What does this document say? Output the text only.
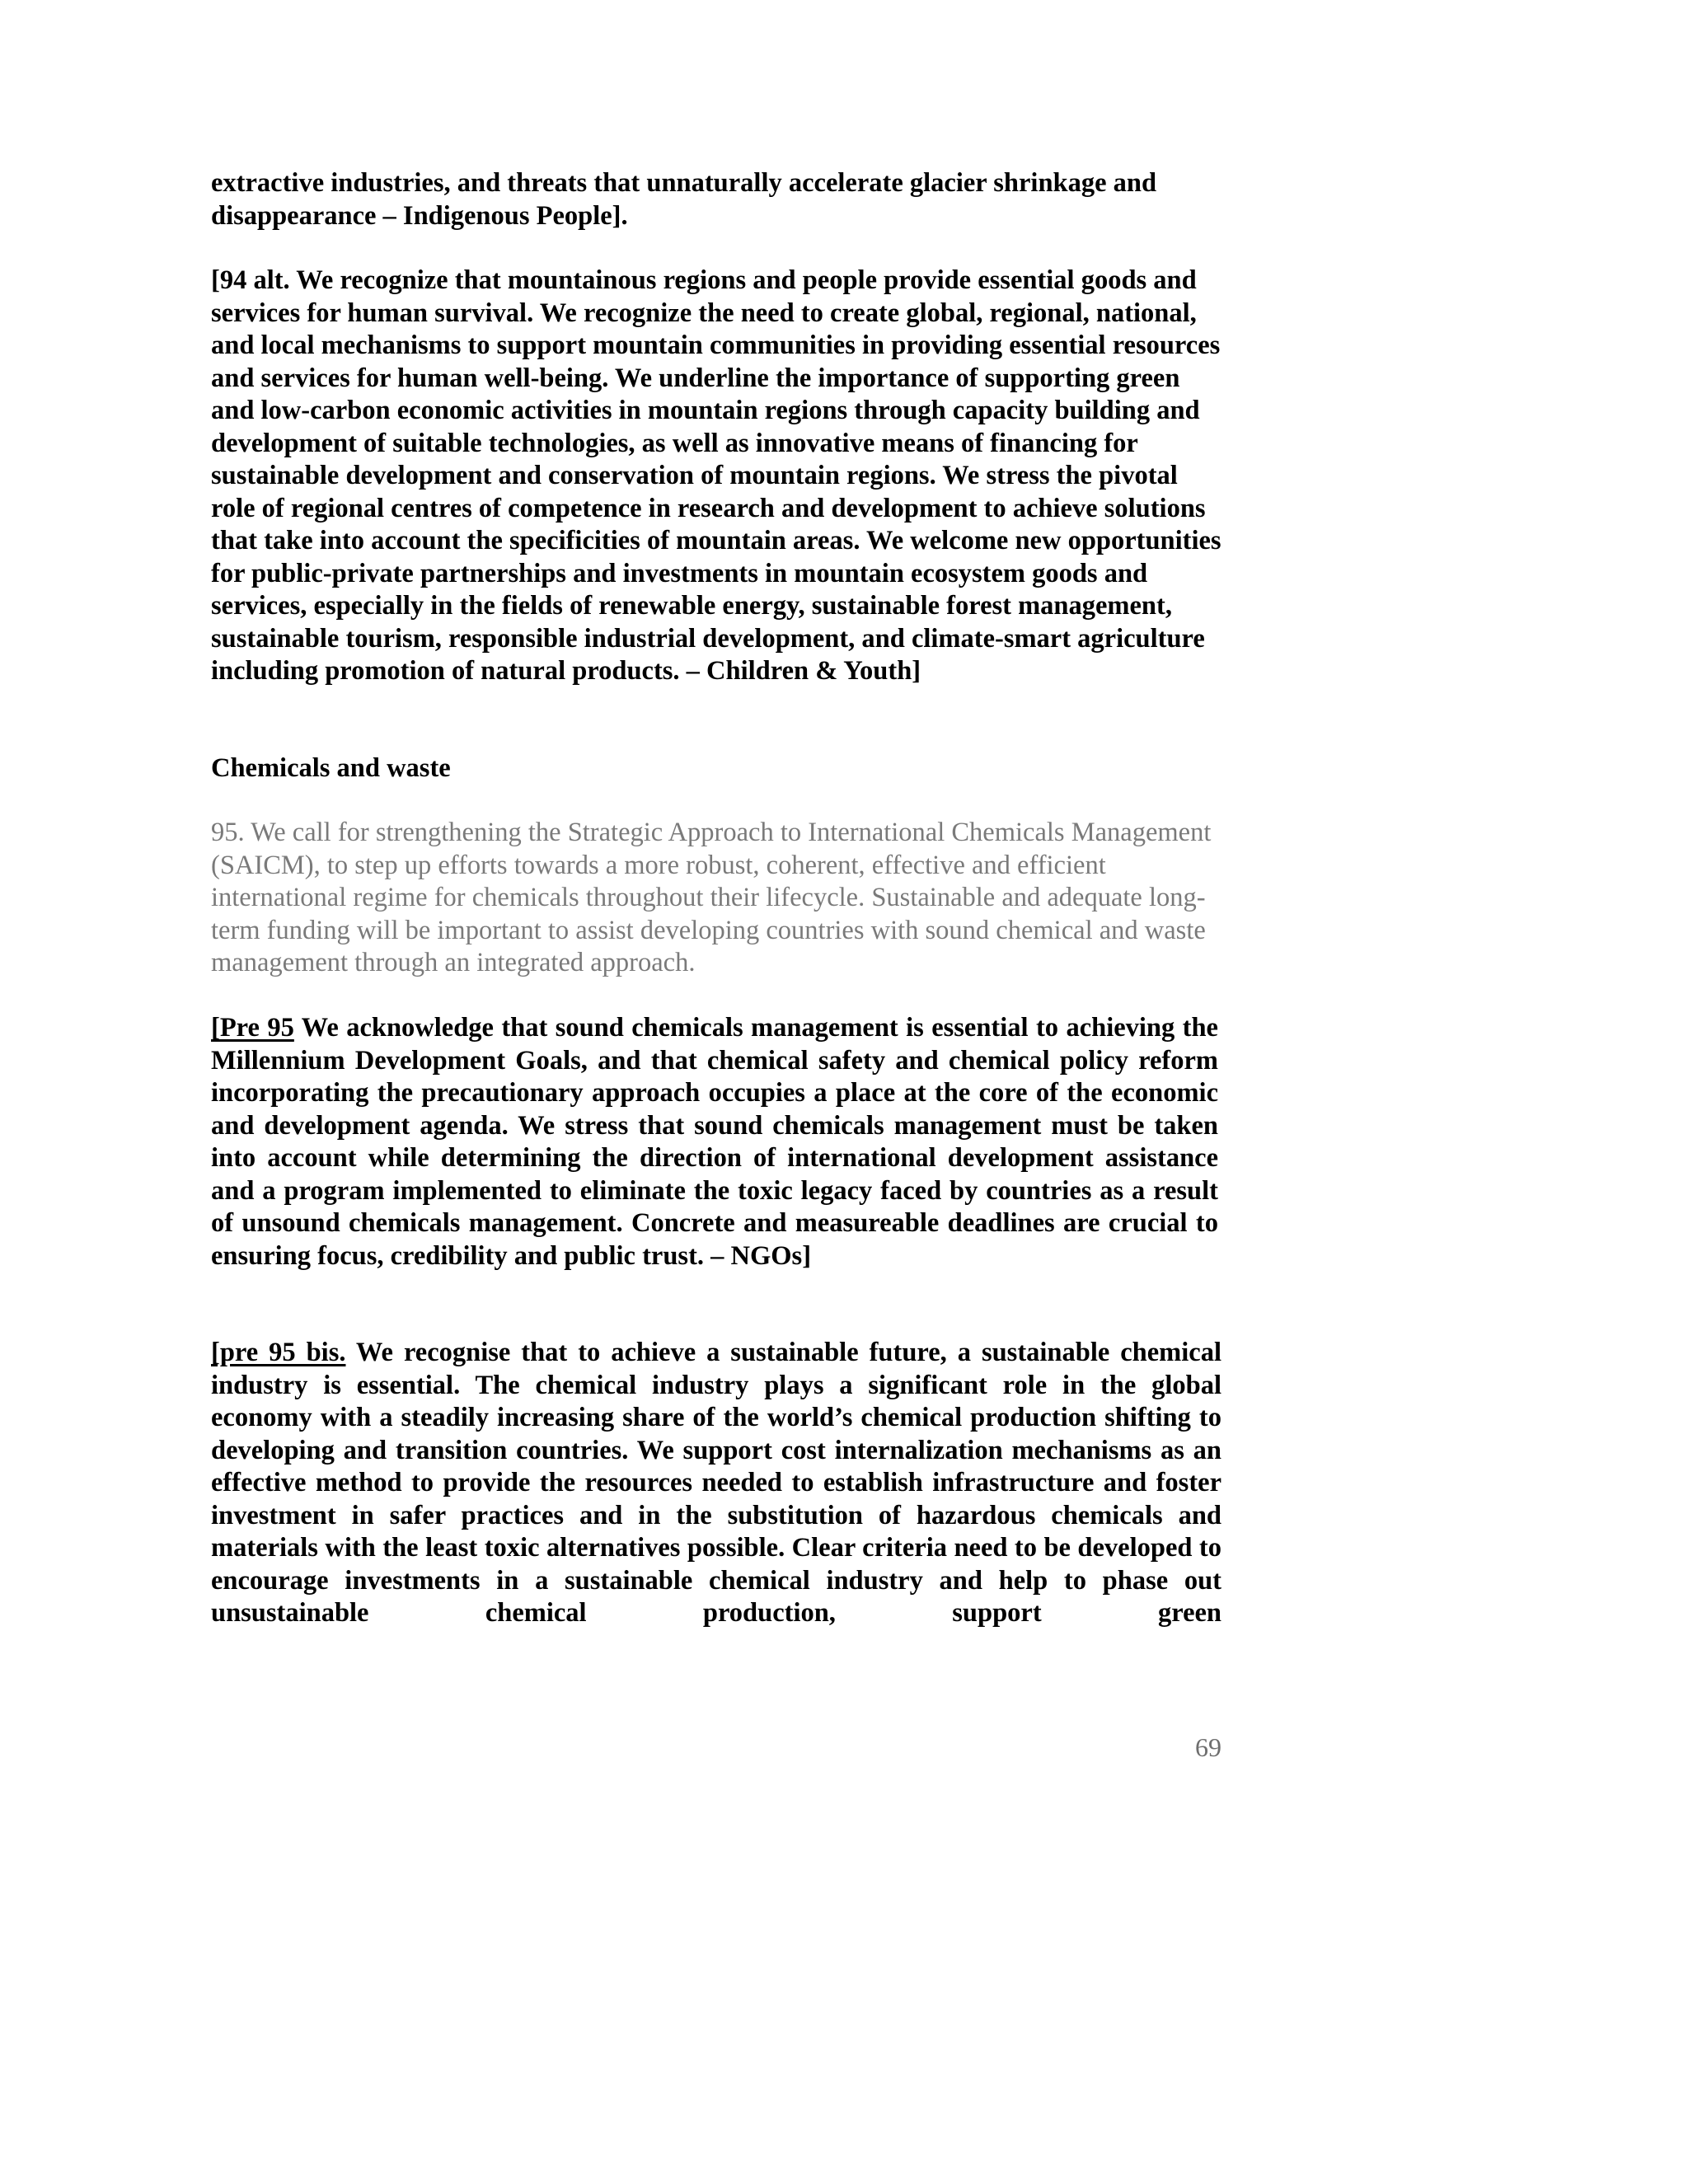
extractive industries, and threats that unnaturally accelerate glacier shrinkage and disappearance – Indigenous People].

[94 alt. We recognize that mountainous regions and people provide essential goods and services for human survival. We recognize the need to create global, regional, national, and local mechanisms to support mountain communities in providing essential resources and services for human well-being. We underline the importance of supporting green and low-carbon economic activities in mountain regions through capacity building and development of suitable technologies, as well as innovative means of financing for sustainable development and conservation of mountain regions. We stress the pivotal role of regional centres of competence in research and development to achieve solutions that take into account the specificities of mountain areas. We welcome new opportunities for public-private partnerships and investments in mountain ecosystem goods and services, especially in the fields of renewable energy, sustainable forest management, sustainable tourism, responsible industrial development, and climate-smart agriculture including promotion of natural products. – Children & Youth]

Chemicals and waste

95. We call for strengthening the Strategic Approach to International Chemicals Management (SAICM), to step up efforts towards a more robust, coherent, effective and efficient international regime for chemicals throughout their lifecycle. Sustainable and adequate long-term funding will be important to assist developing countries with sound chemical and waste management through an integrated approach.

[Pre 95 We acknowledge that sound chemicals management is essential to achieving the Millennium Development Goals, and that chemical safety and chemical policy reform incorporating the precautionary approach occupies a place at the core of the economic and development agenda. We stress that sound chemicals management must be taken into account while determining the direction of international development assistance and a program implemented to eliminate the toxic legacy faced by countries as a result of unsound chemicals management. Concrete and measureable deadlines are crucial to ensuring focus, credibility and public trust. – NGOs]

[pre 95 bis. We recognise that to achieve a sustainable future, a sustainable chemical industry is essential. The chemical industry plays a significant role in the global economy with a steadily increasing share of the world’s chemical production shifting to developing and transition countries. We support cost internalization mechanisms as an effective method to provide the resources needed to establish infrastructure and foster investment in safer practices and in the substitution of hazardous chemicals and materials with the least toxic alternatives possible. Clear criteria need to be developed to encourage investments in a sustainable chemical industry and help to phase out unsustainable chemical production, support green

69
